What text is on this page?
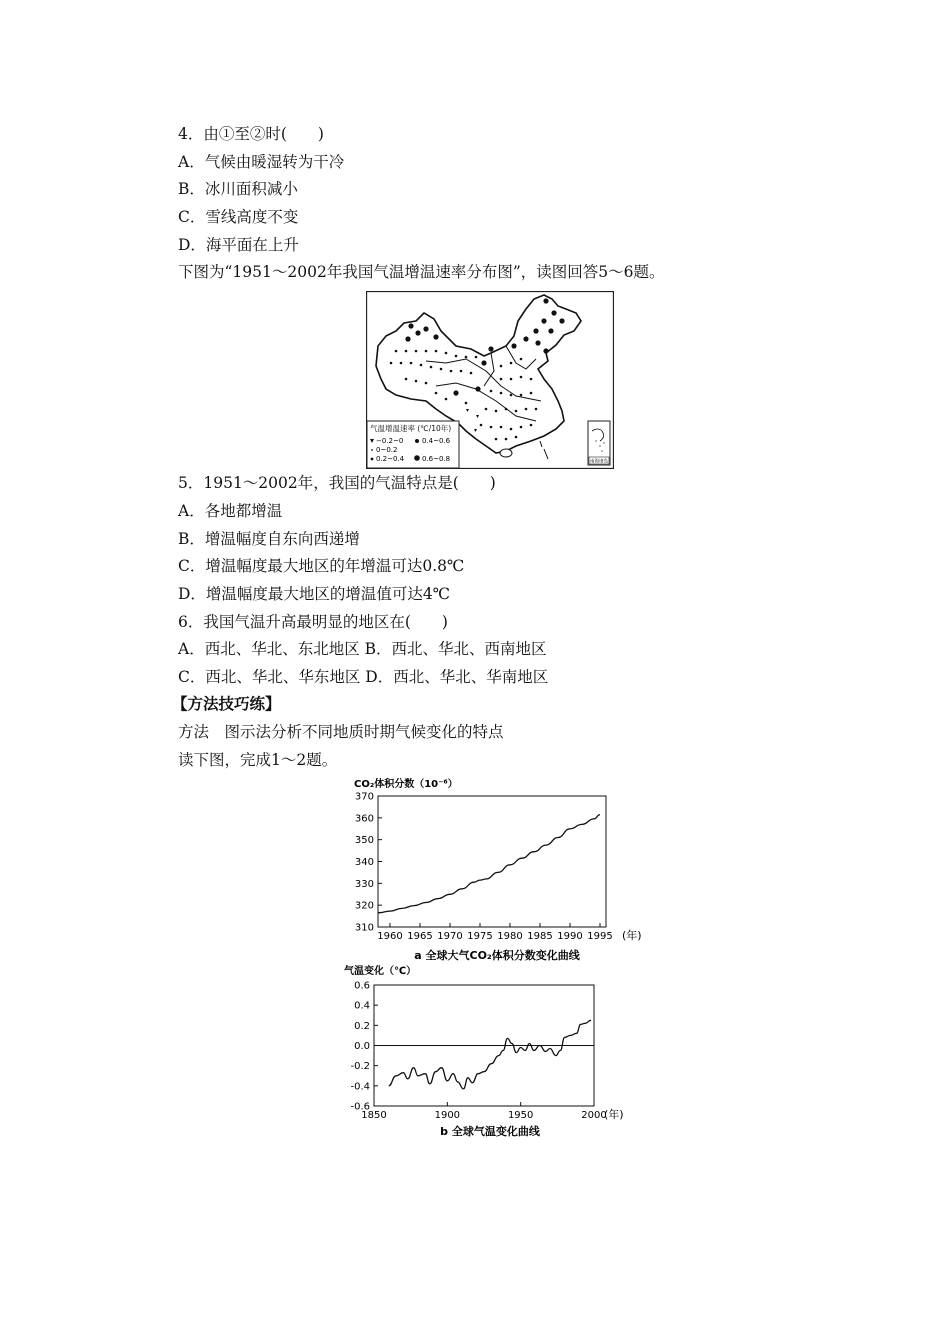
4．由①至②时(　　)
A．气候由暖湿转为干冷
B．冰川面积减小
C．雪线高度不变
D．海平面在上升
下图为“1951～2002年我国气温增温速率分布图”，读图回答5～6题。
气温增温速率 (℃/10年)
−0.2~0
0~0.2
0.2~0.4
0.4~0.6
0.6~0.8	南海诸岛
5．1951～2002年，我国的气温特点是(　　)
A．各地都增温
B．增温幅度自东向西递增
C．增温幅度最大地区的年增温可达0.8℃
D．增温幅度最大地区的增温值可达4℃
6．我国气温升高最明显的地区在(　　)
A．西北、华北、东北地区 B．西北、华北、西南地区
C．西北、华北、华东地区 D．西北、华北、华南地区
【方法技巧练】
方法　图示法分析不同地质时期气候变化的特点
读下图，完成1～2题。
CO₂体积分数（10⁻⁶）
310
320
330
340
350
360
370
1960 1965 1970 1975 1980 1985 1990 1995 (年)
a 全球大气CO₂体积分数变化曲线
气温变化（℃）
-0.6
-0.4
-0.2
0.0
0.2
0.4
0.6
1850	1900	1950	2000
(年)
b 全球气温变化曲线
